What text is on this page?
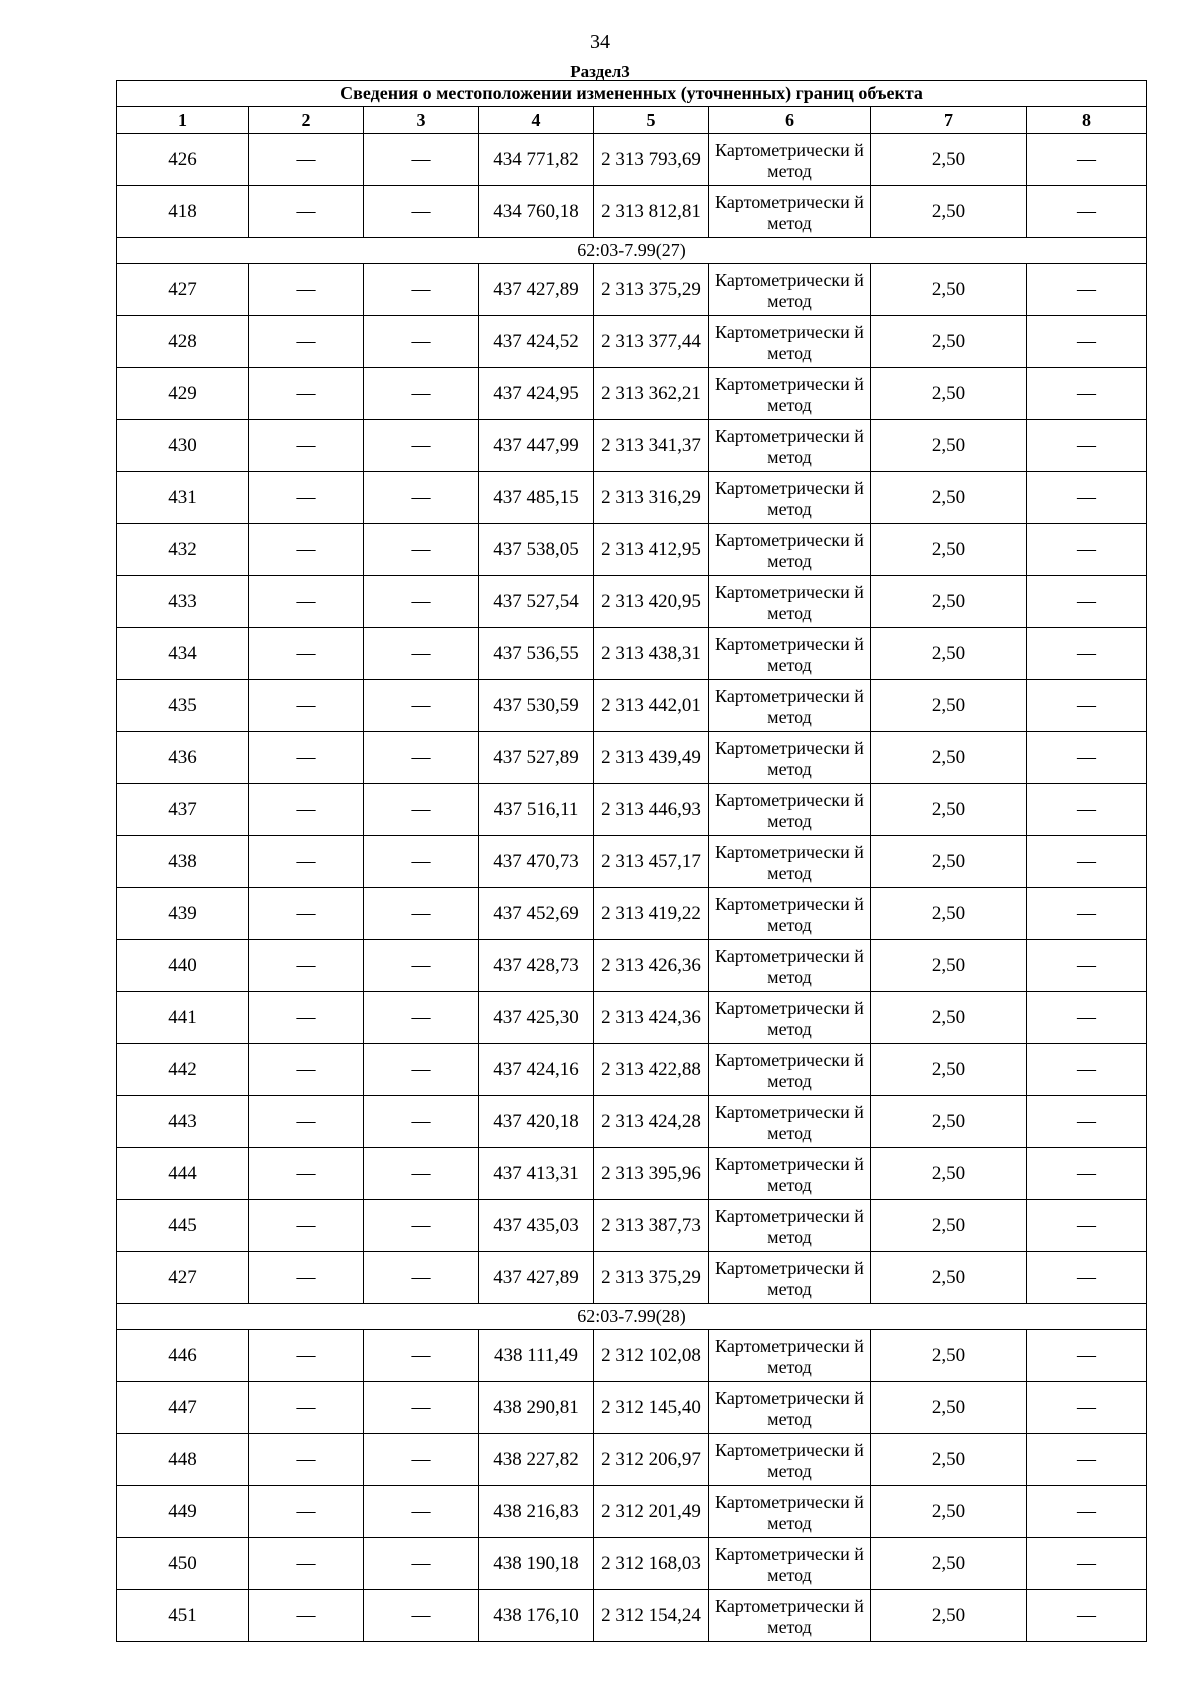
34
Раздел3
Сведения о местоположении измененных (уточненных) границ объекта							
1	2	3	4	5	6	7	8
426	—	—	434 771,82	2 313 793,69	Картометрически й метод	2,50	—
418	—	—	434 760,18	2 313 812,81	Картометрически й метод	2,50	—
62:03-7.99(27)							
427	—	—	437 427,89	2 313 375,29	Картометрически й метод	2,50	—
428	—	—	437 424,52	2 313 377,44	Картометрически й метод	2,50	—
429	—	—	437 424,95	2 313 362,21	Картометрически й метод	2,50	—
430	—	—	437 447,99	2 313 341,37	Картометрически й метод	2,50	—
431	—	—	437 485,15	2 313 316,29	Картометрически й метод	2,50	—
432	—	—	437 538,05	2 313 412,95	Картометрически й метод	2,50	—
433	—	—	437 527,54	2 313 420,95	Картометрически й метод	2,50	—
434	—	—	437 536,55	2 313 438,31	Картометрически й метод	2,50	—
435	—	—	437 530,59	2 313 442,01	Картометрически й метод	2,50	—
436	—	—	437 527,89	2 313 439,49	Картометрически й метод	2,50	—
437	—	—	437 516,11	2 313 446,93	Картометрически й метод	2,50	—
438	—	—	437 470,73	2 313 457,17	Картометрически й метод	2,50	—
439	—	—	437 452,69	2 313 419,22	Картометрически й метод	2,50	—
440	—	—	437 428,73	2 313 426,36	Картометрически й метод	2,50	—
441	—	—	437 425,30	2 313 424,36	Картометрически й метод	2,50	—
442	—	—	437 424,16	2 313 422,88	Картометрически й метод	2,50	—
443	—	—	437 420,18	2 313 424,28	Картометрически й метод	2,50	—
444	—	—	437 413,31	2 313 395,96	Картометрически й метод	2,50	—
445	—	—	437 435,03	2 313 387,73	Картометрически й метод	2,50	—
427	—	—	437 427,89	2 313 375,29	Картометрически й метод	2,50	—
62:03-7.99(28)							
446	—	—	438 111,49	2 312 102,08	Картометрически й метод	2,50	—
447	—	—	438 290,81	2 312 145,40	Картометрически й метод	2,50	—
448	—	—	438 227,82	2 312 206,97	Картометрически й метод	2,50	—
449	—	—	438 216,83	2 312 201,49	Картометрически й метод	2,50	—
450	—	—	438 190,18	2 312 168,03	Картометрически й метод	2,50	—
451	—	—	438 176,10	2 312 154,24	Картометрически й метод	2,50	—
